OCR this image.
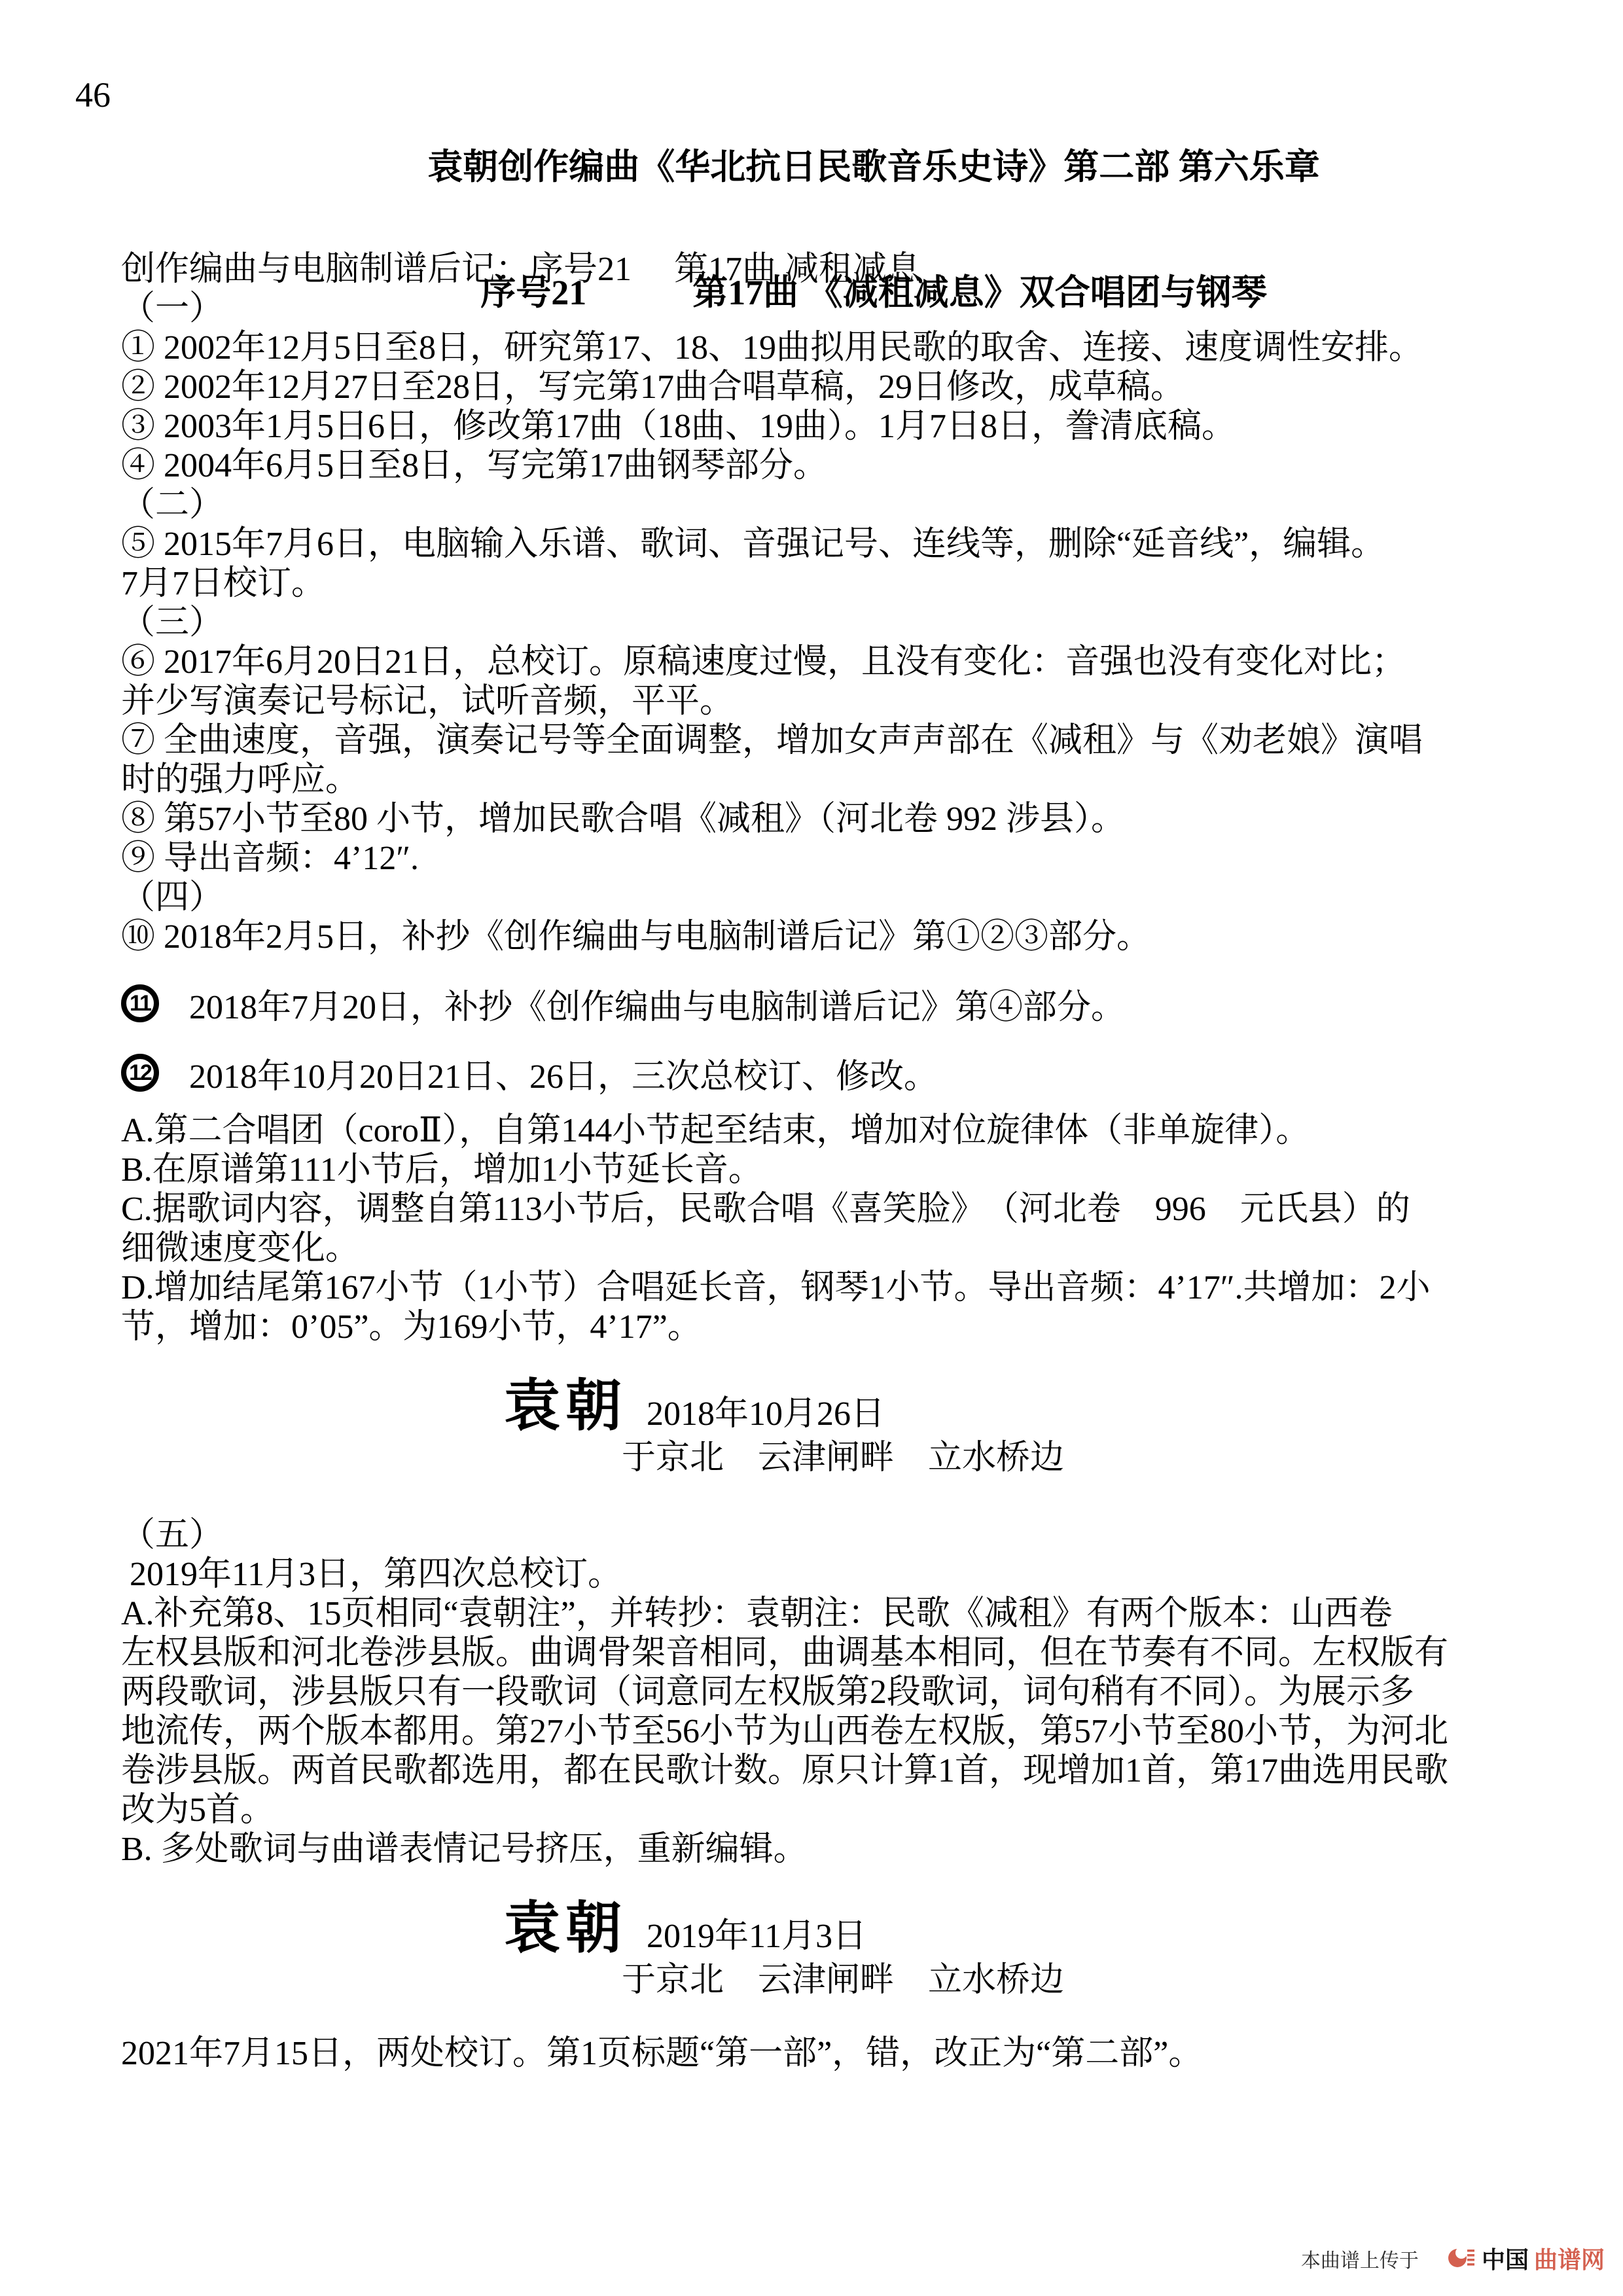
46

袁朝创作编曲《华北抗日民歌音乐史诗》第二部 第六乐章

序号21　　　第17曲 《减租减息》双合唱团与钢琴

创作编曲与电脑制谱后记：序号21　 第17曲 减租减息
（一）
① 2002年12月5日至8日，研究第17、18、19曲拟用民歌的取舍、连接、速度调性安排。
② 2002年12月27日至28日，写完第17曲合唱草稿，29日修改，成草稿。
③ 2003年1月5日6日，修改第17曲（18曲、19曲）。1月7日8日，誊清底稿。
④ 2004年6月5日至8日，写完第17曲钢琴部分。
（二）
⑤ 2015年7月6日，电脑输入乐谱、歌词、音强记号、连线等，删除“延音线”，编辑。
7月7日校订。
（三）
⑥ 2017年6月20日21日，总校订。原稿速度过慢，且没有变化：音强也没有变化对比；
并少写演奏记号标记，试听音频，平平。
⑦ 全曲速度，音强，演奏记号等全面调整，增加女声声部在《减租》与《劝老娘》演唱
时的强力呼应。
⑧ 第57小节至80 小节，增加民歌合唱《减租》（河北卷 992 涉县）。
⑨ 导出音频：4’12″.
（四）
⑩ 2018年2月5日，补抄《创作编曲与电脑制谱后记》第①②③部分。
11 2018年7月20日，补抄《创作编曲与电脑制谱后记》第④部分。
12 2018年10月20日21日、26日，三次总校订、修改。
A.第二合唱团（coroⅡ），自第144小节起至结束，增加对位旋律体（非单旋律）。
B.在原谱第111小节后，增加1小节延长音。
C.据歌词内容，调整自第113小节后，民歌合唱《喜笑脸》　（河北卷　996　元氏县）的
细微速度变化。
D.增加结尾第167小节（1小节）合唱延长音，钢琴1小节。导出音频：4’17″.共增加：2小
节，增加：0’05”。为169小节，4’17”。
袁朝 2018年10月26日
于京北　云津闸畔　立水桥边
（五）
2019年11月3日，第四次总校订。
A.补充第8、15页相同“袁朝注”，并转抄：袁朝注：民歌《减租》有两个版本：山西卷
左权县版和河北卷涉县版。曲调骨架音相同，曲调基本相同，但在节奏有不同。左权版有
两段歌词，涉县版只有一段歌词（词意同左权版第2段歌词，词句稍有不同）。为展示多
地流传，两个版本都用。第27小节至56小节为山西卷左权版，第57小节至80小节，为河北
卷涉县版。两首民歌都选用，都在民歌计数。原只计算1首，现增加1首，第17曲选用民歌
改为5首。
B. 多处歌词与曲谱表情记号挤压，重新编辑。
袁朝 2019年11月3日
于京北　云津闸畔　立水桥边
2021年7月15日，两处校订。第1页标题“第一部”，错，改正为“第二部”。
本曲谱上传于

中国 曲谱网
